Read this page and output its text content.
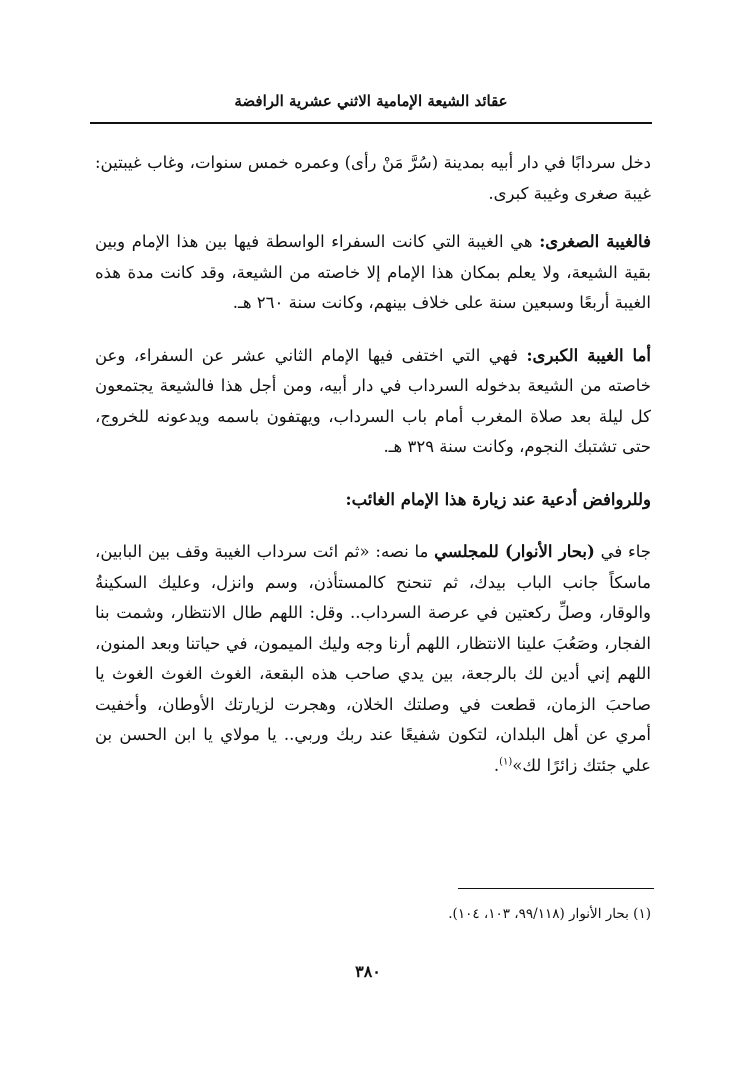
عقائد الشيعة الإمامية الاثني عشرية الرافضة

دخل سردابًا في دار أبيه بمدينة (سُرَّ مَنْ رأى) وعمره خمس سنوات، وغاب غيبتين: غيبة صغرى وغيبة كبرى.

فالغيبة الصغرى: هي الغيبة التي كانت السفراء الواسطة فيها بين هذا الإمام وبين بقية الشيعة، ولا يعلم بمكان هذا الإمام إلا خاصته من الشيعة، وقد كانت مدة هذه الغيبة أربعًا وسبعين سنة على خلاف بينهم، وكانت سنة ٢٦٠ هـ.

أما الغيبة الكبرى: فهي التي اختفى فيها الإمام الثاني عشر عن السفراء، وعن خاصته من الشيعة بدخوله السرداب في دار أبيه، ومن أجل هذا فالشيعة يجتمعون كل ليلة بعد صلاة المغرب أمام باب السرداب، ويهتفون باسمه ويدعونه للخروج، حتى تشتبك النجوم، وكانت سنة ٣٢٩ هـ.

وللروافض أدعية عند زيارة هذا الإمام الغائب:

جاء في (بحار الأنوار) للمجلسي ما نصه: «ثم ائت سرداب الغيبة وقف بين البابين، ماسكاً جانب الباب بيدك، ثم تنحنح كالمستأذن، وسم وانزل، وعليك السكينةُ والوقار، وصلِّ ركعتين في عرصة السرداب.. وقل: اللهم طال الانتظار، وشمت بنا الفجار، وصَعُبَ علينا الانتظار، اللهم أرنا وجه وليك الميمون، في حياتنا وبعد المنون، اللهم إني أدين لك بالرجعة، بين يدي صاحب هذه البقعة، الغوث الغوث الغوث يا صاحبَ الزمان، قطعت في وصلتك الخلان، وهجرت لزيارتك الأوطان، وأخفيت أمري عن أهل البلدان، لتكون شفيعًا عند ربك وربي.. يا مولاي يا ابن الحسن بن علي جئتك زائرًا لك»$^{(١)}$.

(١) بحار الأنوار (٩٩/١١٨، ١٠٣، ١٠٤).
٣٨٠
